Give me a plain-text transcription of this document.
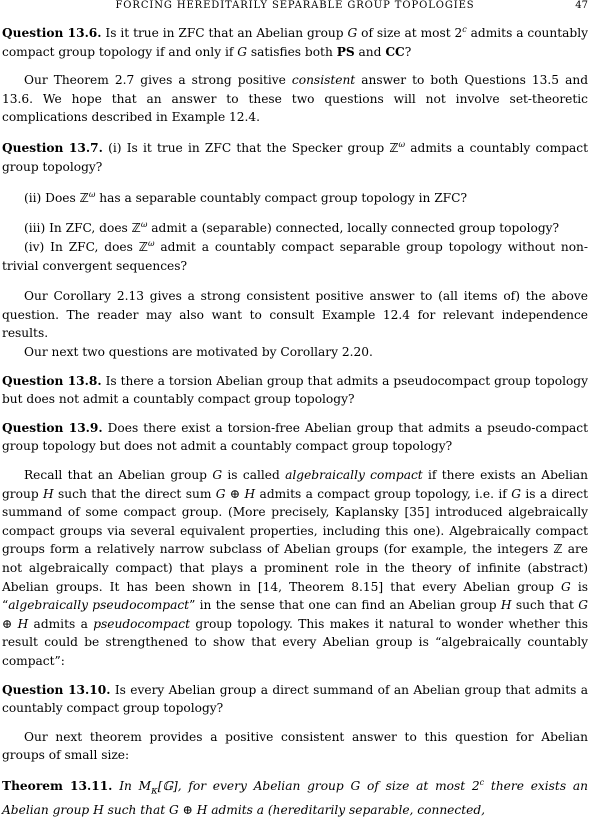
FORCING HEREDITARILY SEPARABLE GROUP TOPOLOGIES	47

Question 13.6. Is it true in ZFC that an Abelian group G of size at most 2$^c$ admits a countably compact group topology if and only if G satisfies both PS and CC?

Our Theorem 2.7 gives a strong positive consistent answer to both Questions 13.5 and 13.6. We hope that an answer to these two questions will not involve set-theoretic complications described in Example 12.4.

Question 13.7. (i) Is it true in ZFC that the Specker group ℤ$^\omega$ admits a countably compact group topology?

(ii) Does ℤ$^\omega$ has a separable countably compact group topology in ZFC?

(iii) In ZFC, does ℤ$^\omega$ admit a (separable) connected, locally connected group topology?

(iv) In ZFC, does ℤ$^\omega$ admit a countably compact separable group topology without non-trivial convergent sequences?

Our Corollary 2.13 gives a strong consistent positive answer to (all items of) the above question. The reader may also want to consult Example 12.4 for relevant independence results.

Our next two questions are motivated by Corollary 2.20.

Question 13.8. Is there a torsion Abelian group that admits a pseudocompact group topology but does not admit a countably compact group topology?

Question 13.9. Does there exist a torsion-free Abelian group that admits a pseudo-compact group topology but does not admit a countably compact group topology?

Recall that an Abelian group G is called algebraically compact if there exists an Abelian group H such that the direct sum G ⊕ H admits a compact group topology, i.e. if G is a direct summand of some compact group. (More precisely, Kaplansky [35] introduced algebraically compact groups via several equivalent properties, including this one). Algebraically compact groups form a relatively narrow subclass of Abelian groups (for example, the integers ℤ are not algebraically compact) that plays a prominent role in the theory of infinite (abstract) Abelian groups. It has been shown in [14, Theorem 8.15] that every Abelian group G is “algebraically pseudocompact” in the sense that one can find an Abelian group H such that G ⊕ H admits a pseudocompact group topology. This makes it natural to wonder whether this result could be strengthened to show that every Abelian group is “algebraically countably compact”:

Question 13.10. Is every Abelian group a direct summand of an Abelian group that admits a countably compact group topology?

Our next theorem provides a positive consistent answer to this question for Abelian groups of small size:

Theorem 13.11. In $M_\kappa[𝔾]$, for every Abelian group G of size at most 2$^c$ there exists an Abelian group H such that G ⊕ H admits a (hereditarily separable, connected,
